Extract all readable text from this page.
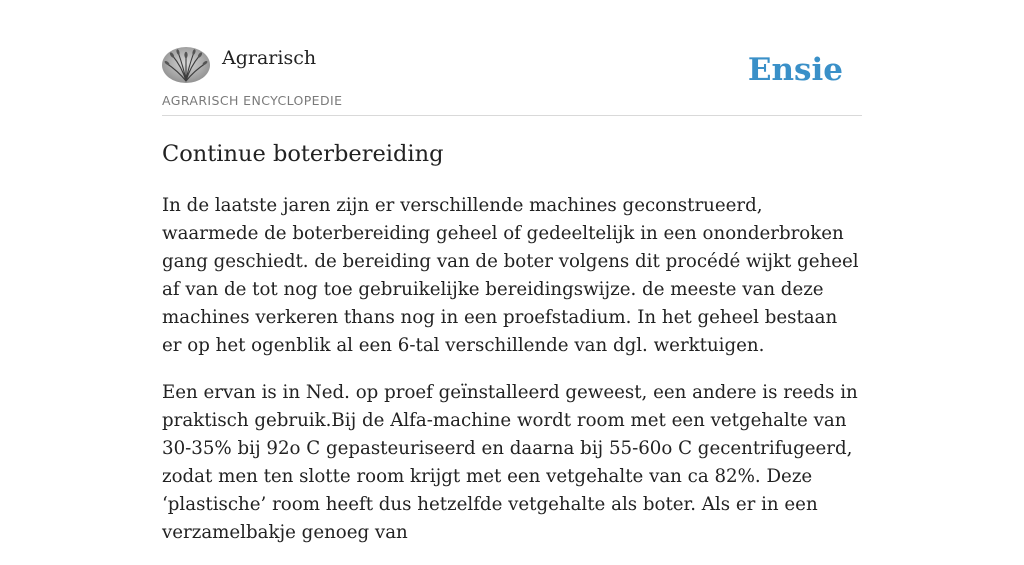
Agrarisch
AGRARISCH ENCYCLOPEDIE
Ensie
Continue boterbereiding

In de laatste jaren zijn er verschillende machines geconstrueerd, waarmede de boterbereiding geheel of gedeeltelijk in een ononderbroken gang geschiedt. de bereiding van de boter volgens dit procédé wijkt geheel af van de tot nog toe gebruikelijke bereidingswijze. de meeste van deze machines verkeren thans nog in een proefstadium. In het geheel bestaan er op het ogenblik al een 6-tal verschillende van dgl. werktuigen.

Een ervan is in Ned. op proef geïnstalleerd geweest, een andere is reeds in praktisch gebruik.Bij de Alfa-machine wordt room met een vetgehalte van 30-35% bij 92o C gepasteuriseerd en daarna bij 55-60o C gecentrifugeerd, zodat men ten slotte room krijgt met een vetgehalte van ca 82%. Deze ‘plastische’ room heeft dus hetzelfde vetgehalte als boter. Als er in een verzamelbakje genoeg van
